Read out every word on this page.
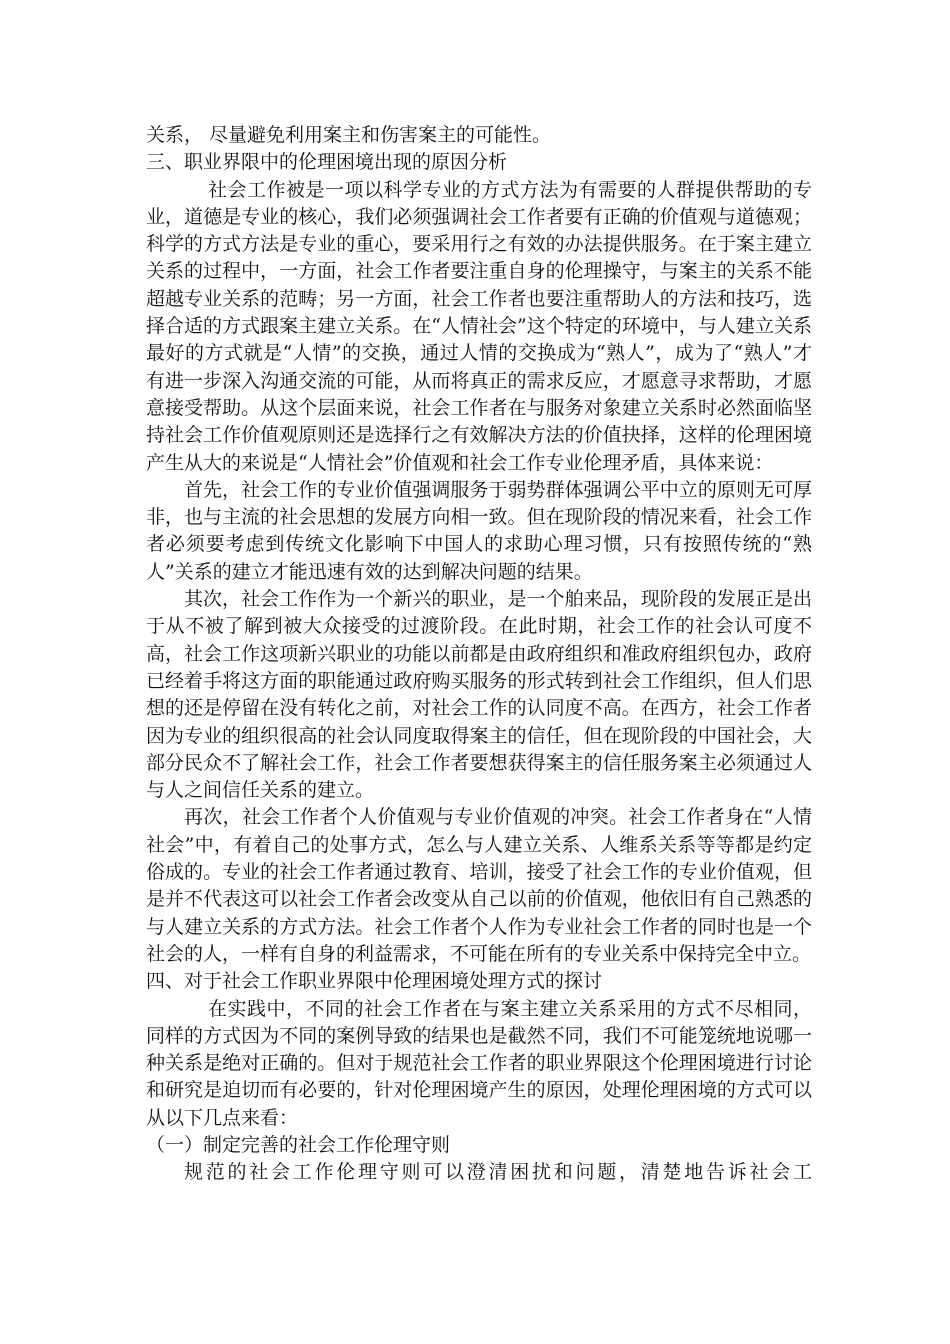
关系， 尽量避免利用案主和伤害案主的可能性。

三、职业界限中的伦理困境出现的原因分析

社会工作被是一项以科学专业的方式方法为有需要的人群提供帮助的专业，道德是专业的核心，我们必须强调社会工作者要有正确的价值观与道德观；科学的方式方法是专业的重心，要采用行之有效的办法提供服务。在于案主建立关系的过程中，一方面，社会工作者要注重自身的伦理操守，与案主的关系不能超越专业关系的范畴；另一方面，社会工作者也要注重帮助人的方法和技巧，选择合适的方式跟案主建立关系。在“人情社会”这个特定的环境中，与人建立关系最好的方式就是“人情”的交换，通过人情的交换成为“熟人”，成为了“熟人”才有进一步深入沟通交流的可能，从而将真正的需求反应，才愿意寻求帮助，才愿意接受帮助。从这个层面来说，社会工作者在与服务对象建立关系时必然面临坚持社会工作价值观原则还是选择行之有效解决方法的价值抉择，这样的伦理困境产生从大的来说是“人情社会”价值观和社会工作专业伦理矛盾，具体来说：

首先，社会工作的专业价值强调服务于弱势群体强调公平中立的原则无可厚非，也与主流的社会思想的发展方向相一致。但在现阶段的情况来看，社会工作者必须要考虑到传统文化影响下中国人的求助心理习惯，只有按照传统的“熟人”关系的建立才能迅速有效的达到解决问题的结果。

其次，社会工作作为一个新兴的职业，是一个舶来品，现阶段的发展正是出于从不被了解到被大众接受的过渡阶段。在此时期，社会工作的社会认可度不高，社会工作这项新兴职业的功能以前都是由政府组织和准政府组织包办，政府已经着手将这方面的职能通过政府购买服务的形式转到社会工作组织，但人们思想的还是停留在没有转化之前，对社会工作的认同度不高。在西方，社会工作者因为专业的组织很高的社会认同度取得案主的信任，但在现阶段的中国社会，大部分民众不了解社会工作，社会工作者要想获得案主的信任服务案主必须通过人与人之间信任关系的建立。

再次，社会工作者个人价值观与专业价值观的冲突。社会工作者身在“人情社会”中，有着自己的处事方式，怎么与人建立关系、人维系关系等等都是约定俗成的。专业的社会工作者通过教育、培训，接受了社会工作的专业价值观，但是并不代表这可以社会工作者会改变从自己以前的价值观，他依旧有自己熟悉的与人建立关系的方式方法。社会工作者个人作为专业社会工作者的同时也是一个社会的人，一样有自身的利益需求，不可能在所有的专业关系中保持完全中立。

四、对于社会工作职业界限中伦理困境处理方式的探讨

在实践中，不同的社会工作者在与案主建立关系采用的方式不尽相同，同样的方式因为不同的案例导致的结果也是截然不同，我们不可能笼统地说哪一种关系是绝对正确的。但对于规范社会工作者的职业界限这个伦理困境进行讨论和研究是迫切而有必要的，针对伦理困境产生的原因，处理伦理困境的方式可以从以下几点来看：

（一）制定完善的社会工作伦理守则

规范的社会工作伦理守则可以澄清困扰和问题，清楚地告诉社会工
